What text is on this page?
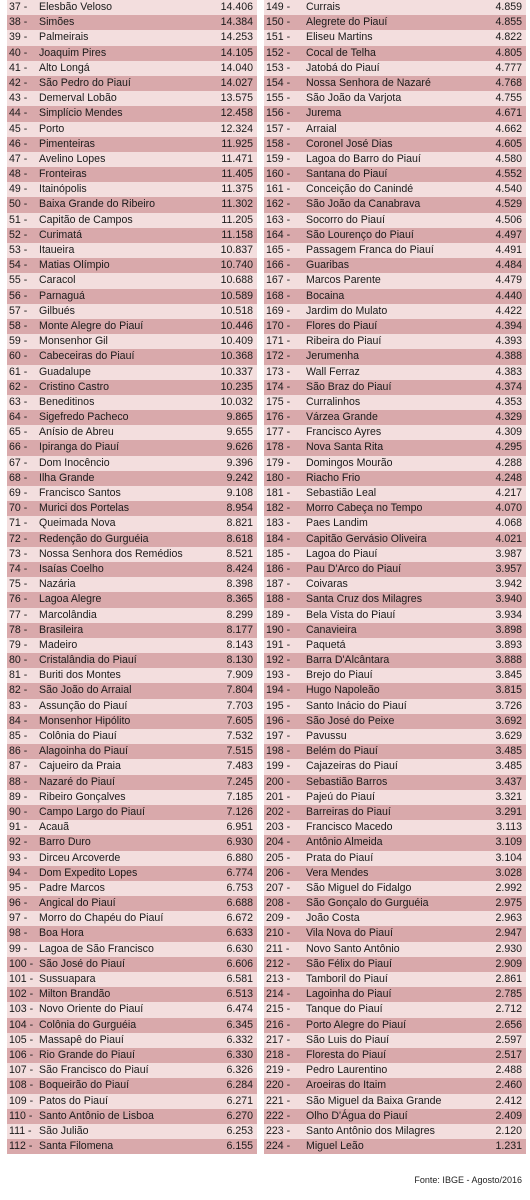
37 -	Elesbão Veloso	14.406
38 -	Simões	14.384
39 -	Palmeirais	14.253
40 -	Joaquim Pires	14.105
41 -	Alto Longá	14.040
42 -	São Pedro do Piauí	14.027
43 -	Demerval Lobão	13.575
44 -	Simplício Mendes	12.458
45 -	Porto	12.324
46 -	Pimenteiras	11.925
47 -	Avelino Lopes	11.471
48 -	Fronteiras	11.405
49 -	Itainópolis	11.375
50 -	Baixa Grande do Ribeiro	11.302
51 -	Capitão de Campos	11.205
52 -	Curimatá	11.158
53 -	Itaueira	10.837
54 -	Matias Olímpio	10.740
55 -	Caracol	10.688
56 -	Parnaguá	10.589
57 -	Gilbués	10.518
58 -	Monte Alegre do Piauí	10.446
59 -	Monsenhor Gil	10.409
60 -	Cabeceiras do Piauí	10.368
61 -	Guadalupe	10.337
62 -	Cristino Castro	10.235
63 -	Beneditinos	10.032
64 -	Sigefredo Pacheco	9.865
65 -	Anísio de Abreu	9.655
66 -	Ipiranga do Piauí	9.626
67 -	Dom Inocêncio	9.396
68 -	Ilha Grande	9.242
69 -	Francisco Santos	9.108
70 -	Murici dos Portelas	8.954
71 -	Queimada Nova	8.821
72 -	Redenção do Gurguéia	8.618
73 -	Nossa Senhora dos Remédios	8.521
74 -	Isaías Coelho	8.424
75 -	Nazária	8.398
76 -	Lagoa Alegre	8.365
77 -	Marcolândia	8.299
78 -	Brasileira	8.177
79 -	Madeiro	8.143
80 -	Cristalândia do Piauí	8.130
81 -	Buriti dos Montes	7.909
82 -	São João do Arraial	7.804
83 -	Assunção do Piauí	7.703
84 -	Monsenhor Hipólito	7.605
85 -	Colônia do Piauí	7.532
86 -	Alagoinha do Piauí	7.515
87 -	Cajueiro da Praia	7.483
88 -	Nazaré do Piauí	7.245
89 -	Ribeiro Gonçalves	7.185
90 -	Campo Largo do Piauí	7.126
91 -	Acauã	6.951
92 -	Barro Duro	6.930
93 -	Dirceu Arcoverde	6.880
94 -	Dom Expedito Lopes	6.774
95 -	Padre Marcos	6.753
96 -	Angical do Piauí	6.688
97 -	Morro do Chapéu do Piauí	6.672
98 -	Boa Hora	6.633
99 -	Lagoa de São Francisco	6.630
100 - São José do Piauí	6.606
101 - Sussuapara	6.581
102 - Milton Brandão	6.513
103 - Novo Oriente do Piauí	6.474
104 - Colônia do Gurguéia	6.345
105 - Massapê do Piauí	6.332
106 - Rio Grande do Piauí	6.330
107 - São Francisco do Piauí	6.326
108 - Boqueirão do Piauí	6.284
109 - Patos do Piauí	6.271
110 - Santo Antônio de Lisboa	6.270
111 - São Julião	6.253
112 - Santa Filomena	6.155
149 -	Currais	4.859
150 -	Alegrete do Piauí	4.855
151 -	Eliseu Martins	4.822
152 -	Cocal de Telha	4.805
153 -	Jatobá do Piauí	4.777
154 -	Nossa Senhora de Nazaré	4.768
155 -	São João da Varjota	4.755
156 -	Jurema	4.671
157 -	Arraial	4.662
158 -	Coronel José Dias	4.605
159 -	Lagoa do Barro do Piauí	4.580
160 -	Santana do Piauí	4.552
161 -	Conceição do Canindé	4.540
162 -	São João da Canabrava	4.529
163 -	Socorro do Piauí	4.506
164 -	São Lourenço do Piauí	4.497
165 -	Passagem Franca do Piauí	4.491
166 -	Guaribas	4.484
167 -	Marcos Parente	4.479
168 -	Bocaina	4.440
169 -	Jardim do Mulato	4.422
170 -	Flores do Piauí	4.394
171 -	Ribeira do Piauí	4.393
172 -	Jerumenha	4.388
173 -	Wall Ferraz	4.383
174 -	São Braz do Piauí	4.374
175 -	Curralinhos	4.353
176 -	Várzea Grande	4.329
177 -	Francisco Ayres	4.309
178 -	Nova Santa Rita	4.295
179 -	Domingos Mourão	4.288
180 -	Riacho Frio	4.248
181 -	Sebastião Leal	4.217
182 -	Morro Cabeça no Tempo	4.070
183 -	Paes Landim	4.068
184 -	Capitão Gervásio Oliveira	4.021
185 -	Lagoa do Piauí	3.987
186 -	Pau D'Arco do Piauí	3.957
187 -	Coivaras	3.942
188 -	Santa Cruz dos Milagres	3.940
189 -	Bela Vista do Piauí	3.934
190 -	Canavieira	3.898
191 -	Paquetá	3.893
192 -	Barra D'Alcântara	3.888
193 -	Brejo do Piauí	3.845
194 -	Hugo Napoleão	3.815
195 -	Santo Inácio do Piauí	3.726
196 -	São José do Peixe	3.692
197 -	Pavussu	3.629
198 -	Belém do Piauí	3.485
199 -	Cajazeiras do Piauí	3.485
200 -	Sebastião Barros	3.437
201 -	Pajeú do Piauí	3.321
202 -	Barreiras do Piauí	3.291
203 -	Francisco Macedo	3.113
204 -	Antônio Almeida	3.109
205 -	Prata do Piauí	3.104
206 -	Vera Mendes	3.028
207 -	São Miguel do Fidalgo	2.992
208 -	São Gonçalo do Gurguéia	2.975
209 -	João Costa	2.963
210 -	Vila Nova do Piauí	2.947
211 -	Novo Santo Antônio	2.930
212 -	São Félix do Piauí	2.909
213 -	Tamboril do Piauí	2.861
214 -	Lagoinha do Piauí	2.785
215 -	Tanque do Piauí	2.712
216 -	Porto Alegre do Piauí	2.656
217 -	São Luis do Piauí	2.597
218 -	Floresta do Piauí	2.517
219 -	Pedro Laurentino	2.488
220 -	Aroeiras do Itaim	2.460
221 -	São Miguel da Baixa Grande	2.412
222 -	Olho D'Água do Piauí	2.409
223 -	Santo Antônio dos Milagres	2.120
224 -	Miguel Leão	1.231
Fonte: IBGE - Agosto/2016
